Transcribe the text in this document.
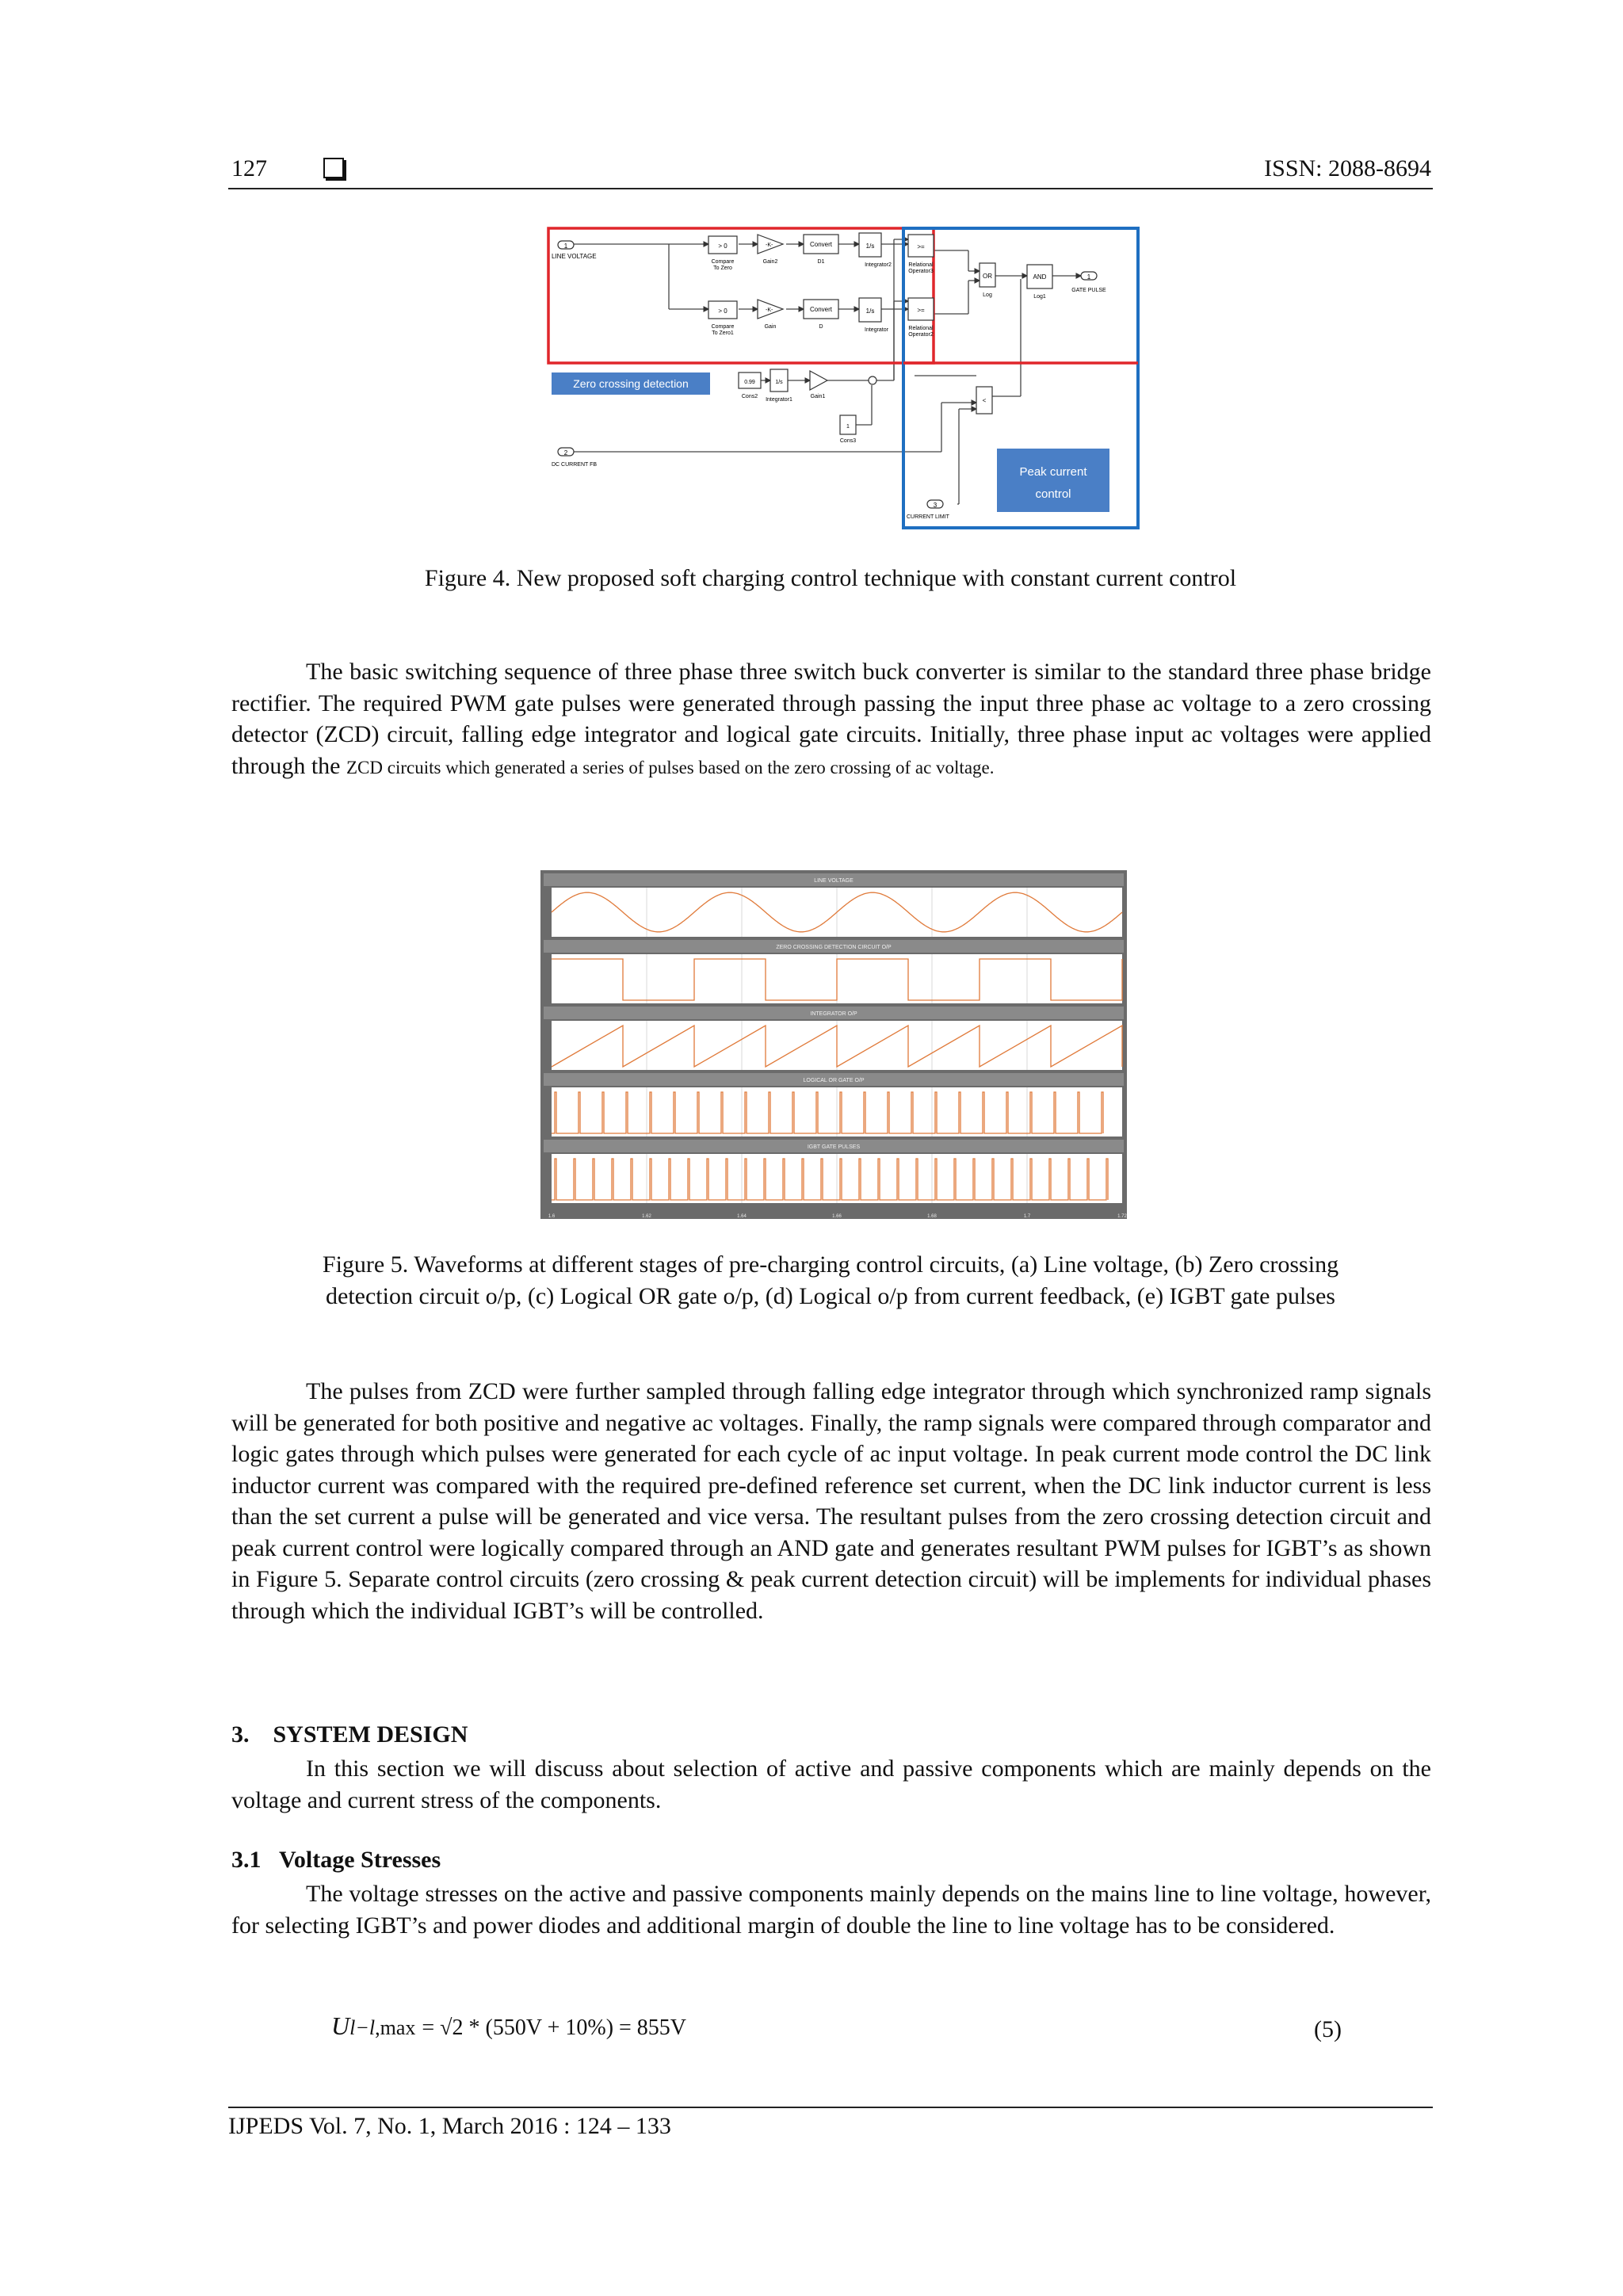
127	ISSN: 2088-8694
1
LINE VOLTAGE
> 0
Compare
To Zero
> 0
Compare
To Zero1
-K-
Gain2
-K-
Gain
Convert
D1
Convert
D
1/s
Integrator2
1/s
Integrator
>=
Relational
Operator3
>=
Relational
Operator2
OR
Log
AND
Log1
1
GATE PULSE
Zero crossing detection	0.99
Cons2
1/s
Integrator1
Gain1
1
Cons3
<
2
DC CURRENT FB
Peak current
control
3
CURRENT LIMIT
Figure 4. New proposed soft charging control technique with constant current control

The basic switching sequence of three phase three switch buck converter is similar to the standard three phase bridge rectifier. The required PWM gate pulses were generated through passing the input three phase ac voltage to a zero crossing detector (ZCD) circuit, falling edge integrator and logical gate circuits. Initially, three phase input ac voltages were applied through the ZCD circuits which generated a series of pulses based on the zero crossing of ac voltage.

LINE VOLTAGE
ZERO CROSSING DETECTION CIRCUIT O/P
INTEGRATOR O/P
LOGICAL OR GATE O/P
IGBT GATE PULSES
1.6	1.62	1.64	1.66	1.68	1.7	1.72
Figure 5. Waveforms at different stages of pre-charging control circuits, (a) Line voltage, (b) Zero crossing
detection circuit o/p, (c) Logical OR gate o/p, (d) Logical o/p from current feedback, (e) IGBT gate pulses

The pulses from ZCD were further sampled through falling edge integrator through which synchronized ramp signals will be generated for both positive and negative ac voltages. Finally, the ramp signals were compared through comparator and logic gates through which pulses were generated for each cycle of ac input voltage. In peak current mode control the DC link inductor current was compared with the required pre-defined reference set current, when the DC link inductor current is less than the set current a pulse will be generated and vice versa. The resultant pulses from the zero crossing detection circuit and peak current control were logically compared through an AND gate and generates resultant PWM pulses for IGBT’s as shown in Figure 5. Separate control circuits (zero crossing & peak current detection circuit) will be implements for individual phases through which the individual IGBT’s will be controlled.

3.    SYSTEM DESIGN

In this section we will discuss about selection of active and passive components which are mainly depends on the voltage and current stress of the components.

3.1   Voltage Stresses

The voltage stresses on the active and passive components mainly depends on the mains line to line voltage, however, for selecting IGBT’s and power diodes and additional margin of double the line to line voltage has to be considered.

Ul−l,max = √2 * (550V + 10%) = 855V	(5)
IJPEDS Vol. 7, No. 1, March 2016 : 124 – 133
